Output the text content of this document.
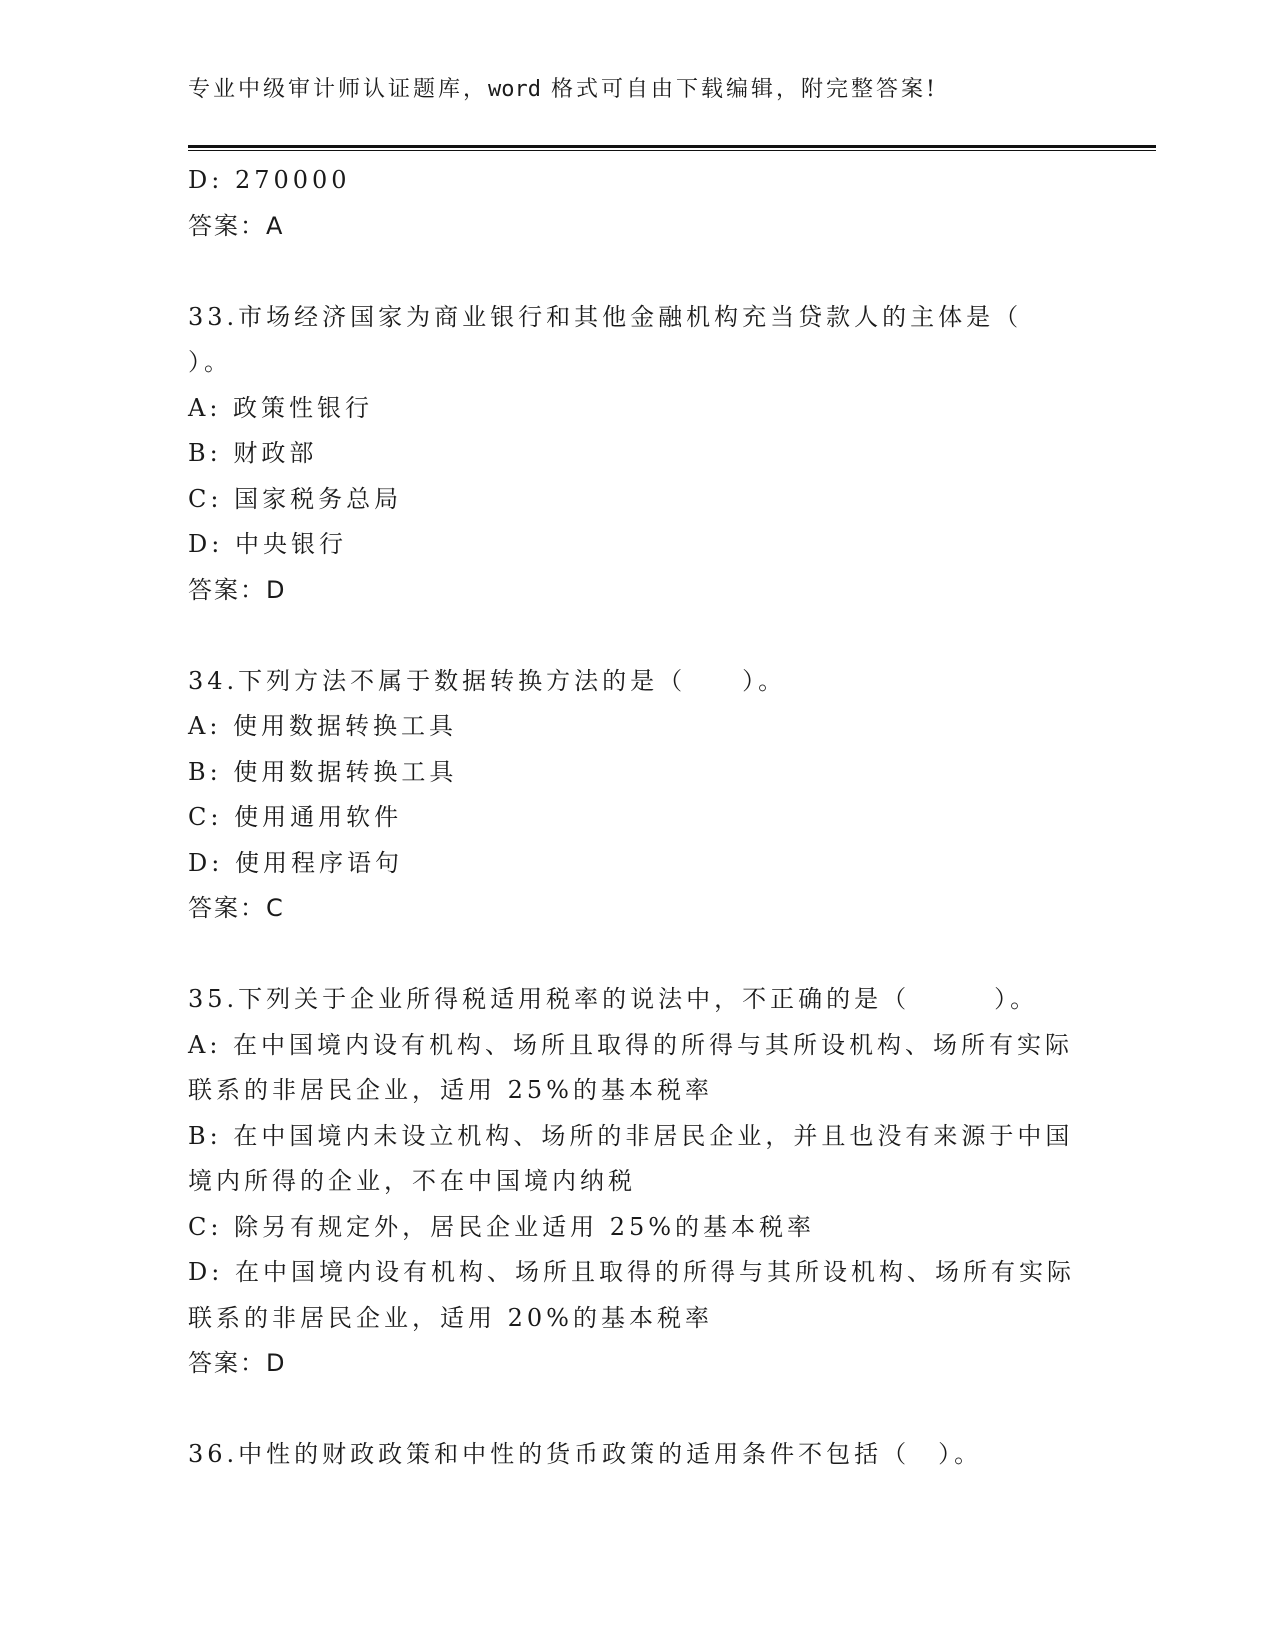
专业中级审计师认证题库，word 格式可自由下载编辑，附完整答案!

D: 270000

答案：A

33.市场经济国家为商业银行和其他金融机构充当贷款人的主体是（

）。

A: 政策性银行

B: 财政部

C: 国家税务总局

D: 中央银行

答案：D

34.下列方法不属于数据转换方法的是（　　）。

A: 使用数据转换工具

B: 使用数据转换工具

C: 使用通用软件

D: 使用程序语句

答案：C

35.下列关于企业所得税适用税率的说法中，不正确的是（　　　）。

A: 在中国境内设有机构、场所且取得的所得与其所设机构、场所有实际联系的非居民企业，适用 25%的基本税率

B: 在中国境内未设立机构、场所的非居民企业，并且也没有来源于中国境内所得的企业，不在中国境内纳税

C: 除另有规定外，居民企业适用 25%的基本税率

D: 在中国境内设有机构、场所且取得的所得与其所设机构、场所有实际联系的非居民企业，适用 20%的基本税率

答案：D

36.中性的财政政策和中性的货币政策的适用条件不包括（　）。
